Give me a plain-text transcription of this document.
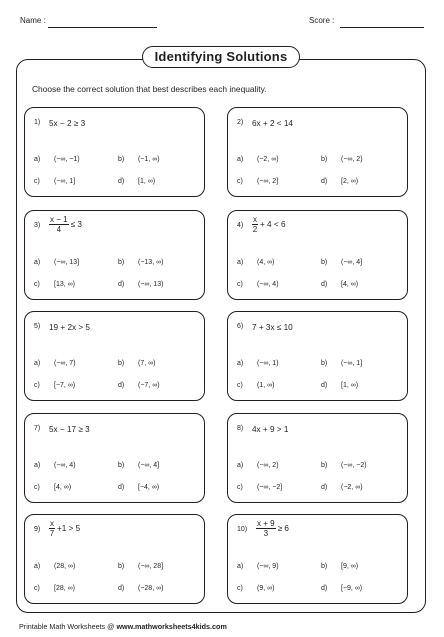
Name :	Score :
Identifying Solutions
Choose the correct solution that best describes each inequality.
1) 5x − 2 ≥ 3
a) (−∞, −1)	b) (−1, ∞)
c) (−∞, 1]	d) [1, ∞)
2) 6x + 2 < 14
a) (−2, ∞)	b) (−∞, 2)
c) (−∞, 2]	d) [2, ∞)
$3) \frac{x - 1}{4} \le 3$
a) (−∞, 13]	b) (−13, ∞)
c) [13, ∞)	d) (−∞, 13)
$4) \frac{x}{2} + 4 < 6$
a) (4, ∞)	b) (−∞, 4]
c) (−∞, 4)	d) [4, ∞)
5) 19 + 2x > 5
a) (−∞, 7)	b) (7, ∞)
c) [−7, ∞)	d) (−7, ∞)
6) 7 + 3x ≤ 10
a) (−∞, 1)	b) (−∞, 1]
c) (1, ∞)	d) [1, ∞)
7) 5x − 17 ≥ 3
a) (−∞, 4)	b) (−∞, 4]
c) [4, ∞)	d) [−4, ∞)
8) 4x + 9 > 1
a) (−∞, 2)	b) (−∞, −2)
c) (−∞, −2]	d) (−2, ∞)
$9) \frac{x}{7} +1 > 5$
a) (28, ∞)	b) (−∞, 28]
c) [28, ∞)	d) (−28, ∞)
$10) \frac{x + 9}{3} \ge 6$
a) (−∞, 9)	b) [9, ∞)
c) (9, ∞)	d) [−9, ∞)
Printable Math Worksheets @ www.mathworksheets4kids.com
